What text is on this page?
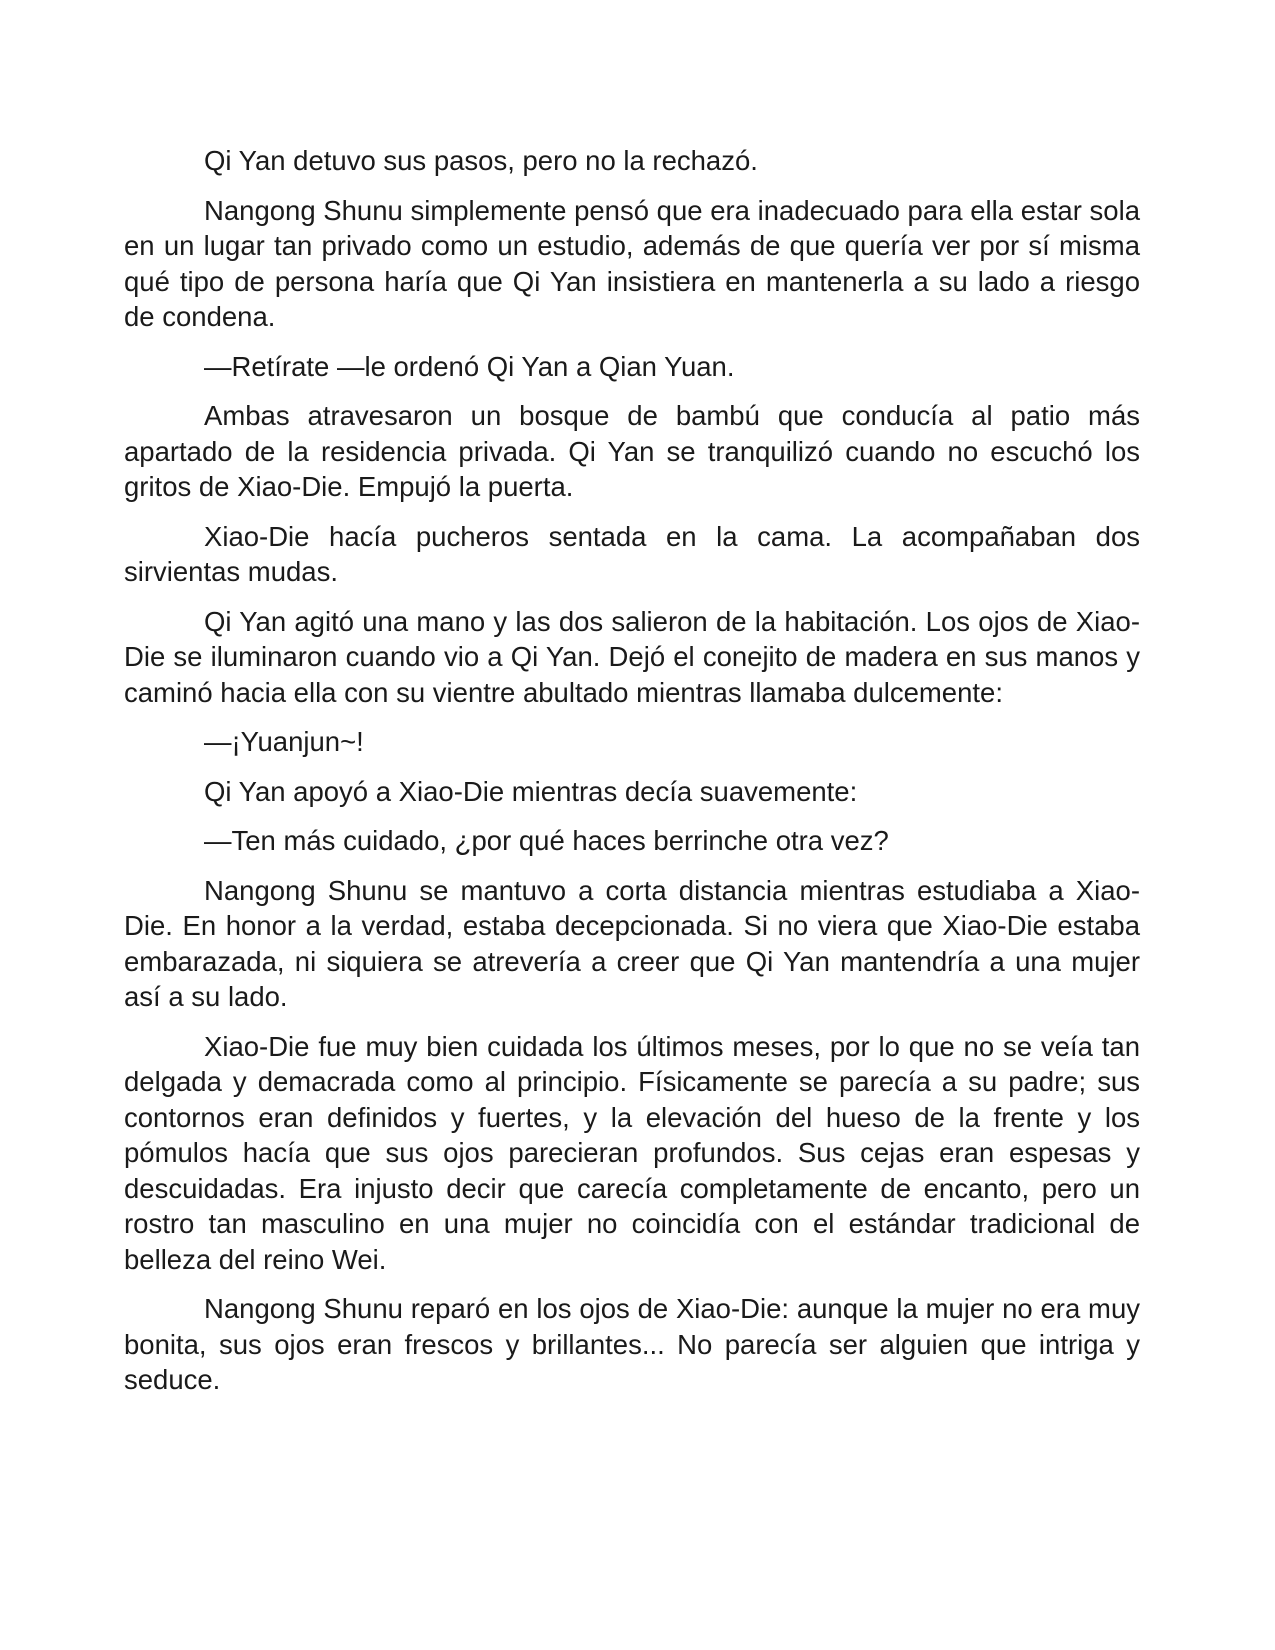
Qi Yan detuvo sus pasos, pero no la rechazó.

Nangong Shunu simplemente pensó que era inadecuado para ella estar sola en un lugar tan privado como un estudio, además de que quería ver por sí misma qué tipo de persona haría que Qi Yan insistiera en mantenerla a su lado a riesgo de condena.

—Retírate —le ordenó Qi Yan a Qian Yuan.

Ambas atravesaron un bosque de bambú que conducía al patio más apartado de la residencia privada. Qi Yan se tranquilizó cuando no escuchó los gritos de Xiao-Die. Empujó la puerta.

Xiao-Die hacía pucheros sentada en la cama. La acompañaban dos sirvientas mudas.

Qi Yan agitó una mano y las dos salieron de la habitación. Los ojos de Xiao-Die se iluminaron cuando vio a Qi Yan. Dejó el conejito de madera en sus manos y caminó hacia ella con su vientre abultado mientras llamaba dulcemente:

—¡Yuanjun~!

Qi Yan apoyó a Xiao-Die mientras decía suavemente:

—Ten más cuidado, ¿por qué haces berrinche otra vez?

Nangong Shunu se mantuvo a corta distancia mientras estudiaba a Xiao-Die. En honor a la verdad, estaba decepcionada. Si no viera que Xiao-Die estaba embarazada, ni siquiera se atrevería a creer que Qi Yan mantendría a una mujer así a su lado.

Xiao-Die fue muy bien cuidada los últimos meses, por lo que no se veía tan delgada y demacrada como al principio. Físicamente se parecía a su padre; sus contornos eran definidos y fuertes, y la elevación del hueso de la frente y los pómulos hacía que sus ojos parecieran profundos. Sus cejas eran espesas y descuidadas. Era injusto decir que carecía completamente de encanto, pero un rostro tan masculino en una mujer no coincidía con el estándar tradicional de belleza del reino Wei.

Nangong Shunu reparó en los ojos de Xiao-Die: aunque la mujer no era muy bonita, sus ojos eran frescos y brillantes... No parecía ser alguien que intriga y seduce.
